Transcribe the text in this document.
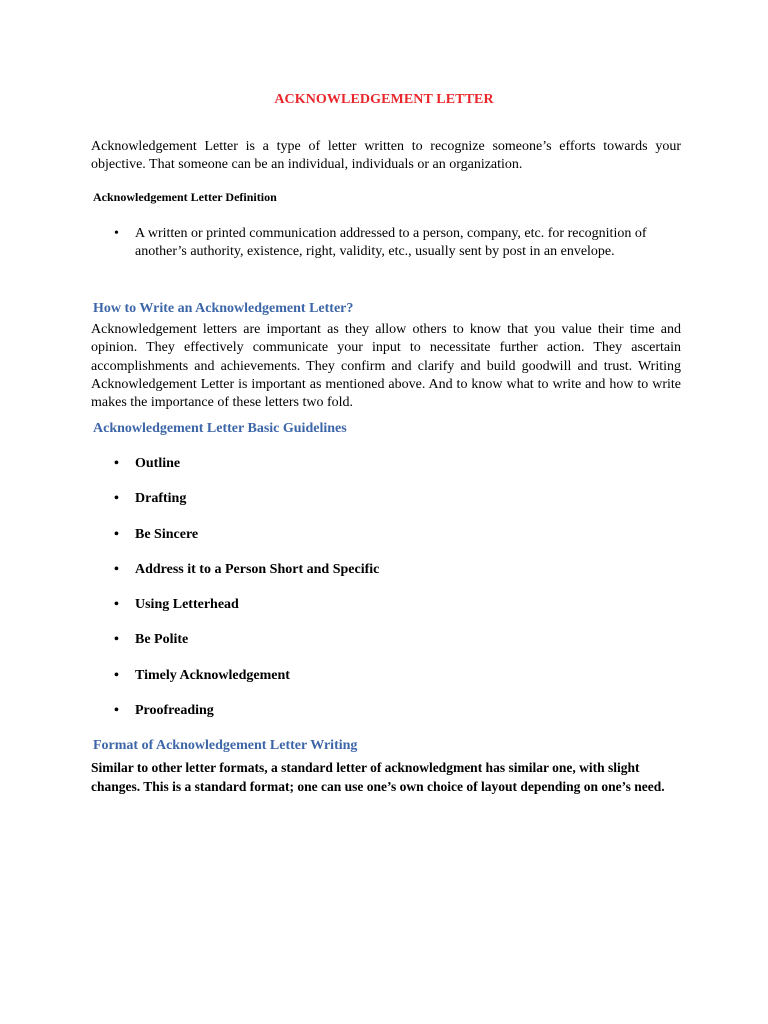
ACKNOWLEDGEMENT LETTER
Acknowledgement Letter is a type of letter written to recognize someone’s efforts towards your objective. That someone can be an individual, individuals or an organization.
Acknowledgement Letter Definition
• A written or printed communication addressed to a person, company, etc. for recognition of another’s authority, existence, right, validity, etc., usually sent by post in an envelope.
How to Write an Acknowledgement Letter?
Acknowledgement letters are important as they allow others to know that you value their time and opinion. They effectively communicate your input to necessitate further action. They ascertain accomplishments and achievements. They confirm and clarify and build goodwill and trust. Writing Acknowledgement Letter is important as mentioned above. And to know what to write and how to write makes the importance of these letters two fold.
Acknowledgement Letter Basic Guidelines
• Outline
• Drafting
• Be Sincere
• Address it to a Person Short and Specific
• Using Letterhead
• Be Polite
• Timely Acknowledgement
• Proofreading
Format of Acknowledgement Letter Writing
Similar to other letter formats, a standard letter of acknowledgment has similar one, with slight changes. This is a standard format; one can use one’s own choice of layout depending on one’s need.
